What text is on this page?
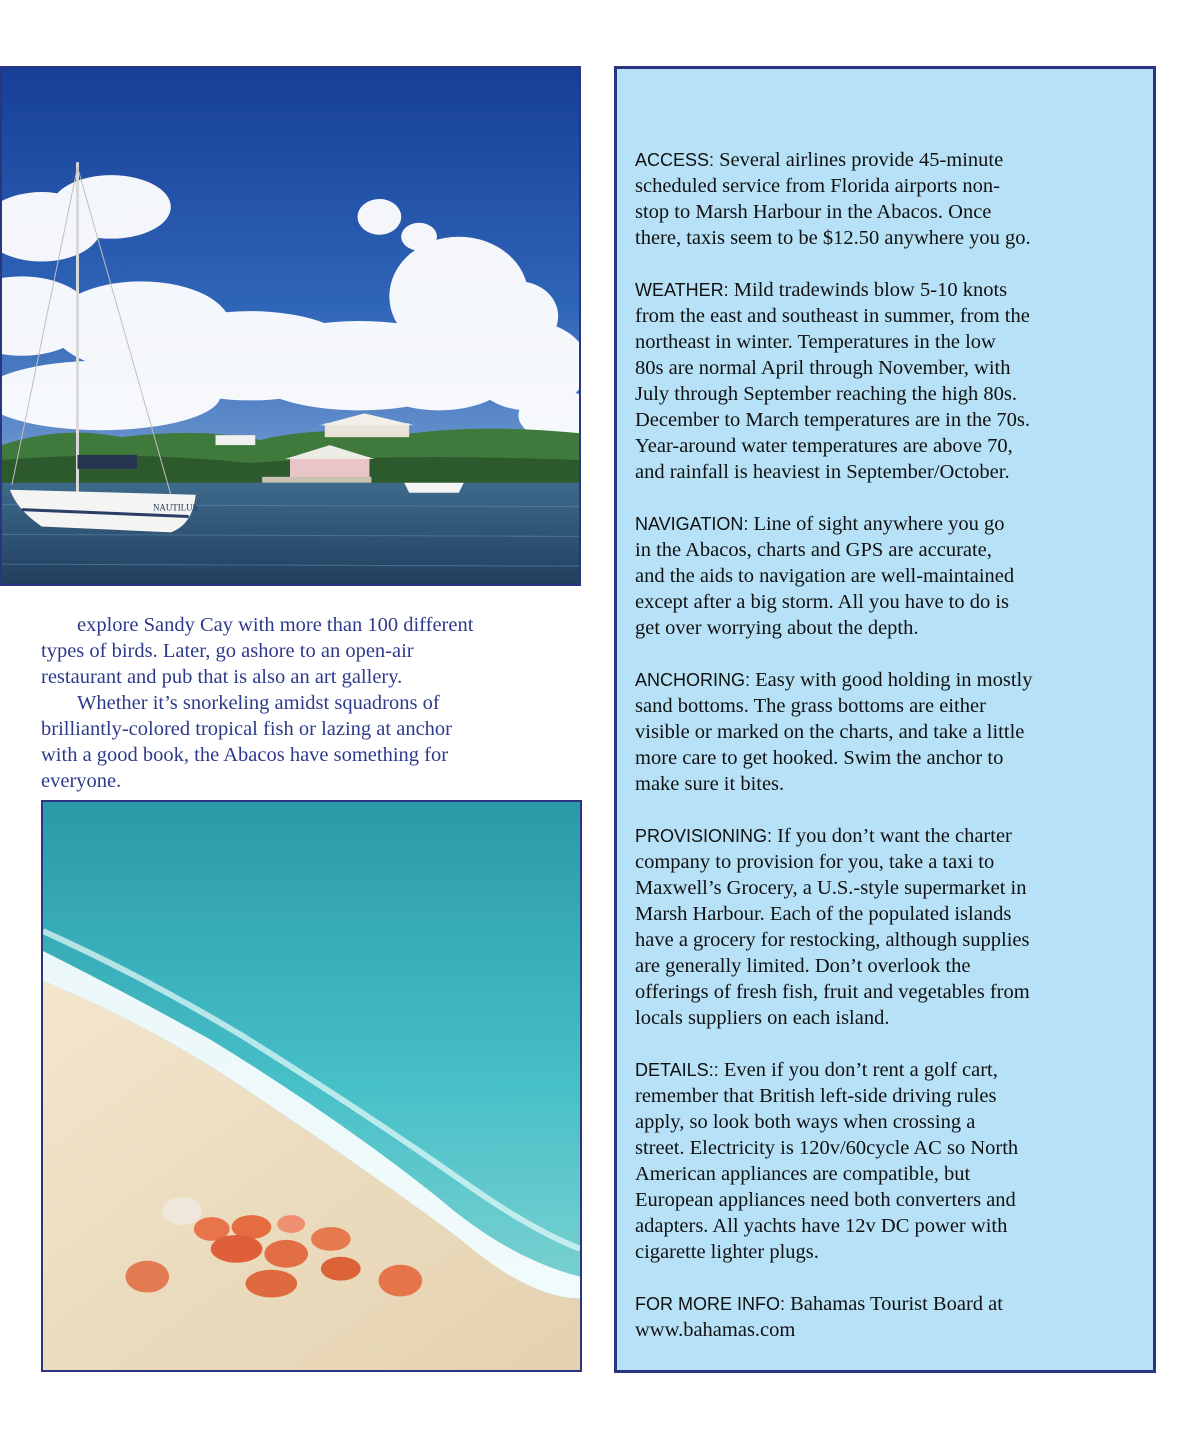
NAUTILUS

explore Sandy Cay with more than 100 different
types of birds. Later, go ashore to an open-air
restaurant and pub that is also an art gallery.

Whether it’s snorkeling amidst squadrons of
brilliantly-colored tropical fish or lazing at anchor
with a good book, the Abacos have something for
everyone.

ACCESS: Several airlines provide 45-minute
scheduled service from Florida airports non-
stop to Marsh Harbour in the Abacos. Once
there, taxis seem to be $12.50 anywhere you go.
WEATHER: Mild tradewinds blow 5-10 knots
from the east and southeast in summer, from the
northeast in winter. Temperatures in the low
80s are normal April through November, with
July through September reaching the high 80s.
December to March temperatures are in the 70s.
Year-around water temperatures are above 70,
and rainfall is heaviest in September/October.
NAVIGATION: Line of sight anywhere you go
in the Abacos, charts and GPS are accurate,
and the aids to navigation are well-maintained
except after a big storm. All you have to do is
get over worrying about the depth.
ANCHORING: Easy with good holding in mostly
sand bottoms. The grass bottoms are either
visible or marked on the charts, and take a little
more care to get hooked. Swim the anchor to
make sure it bites.
PROVISIONING: If you don’t want the charter
company to provision for you, take a taxi to
Maxwell’s Grocery, a U.S.-style supermarket in
Marsh Harbour. Each of the populated islands
have a grocery for restocking, although supplies
are generally limited. Don’t overlook the
offerings of fresh fish, fruit and vegetables from
locals suppliers on each island.
DETAILS:: Even if you don’t rent a golf cart,
remember that British left-side driving rules
apply, so look both ways when crossing a
street. Electricity is 120v/60cycle AC so North
American appliances are compatible, but
European appliances need both converters and
adapters. All yachts have 12v DC power with
cigarette lighter plugs.
FOR MORE INFO: Bahamas Tourist Board at
www.bahamas.com
